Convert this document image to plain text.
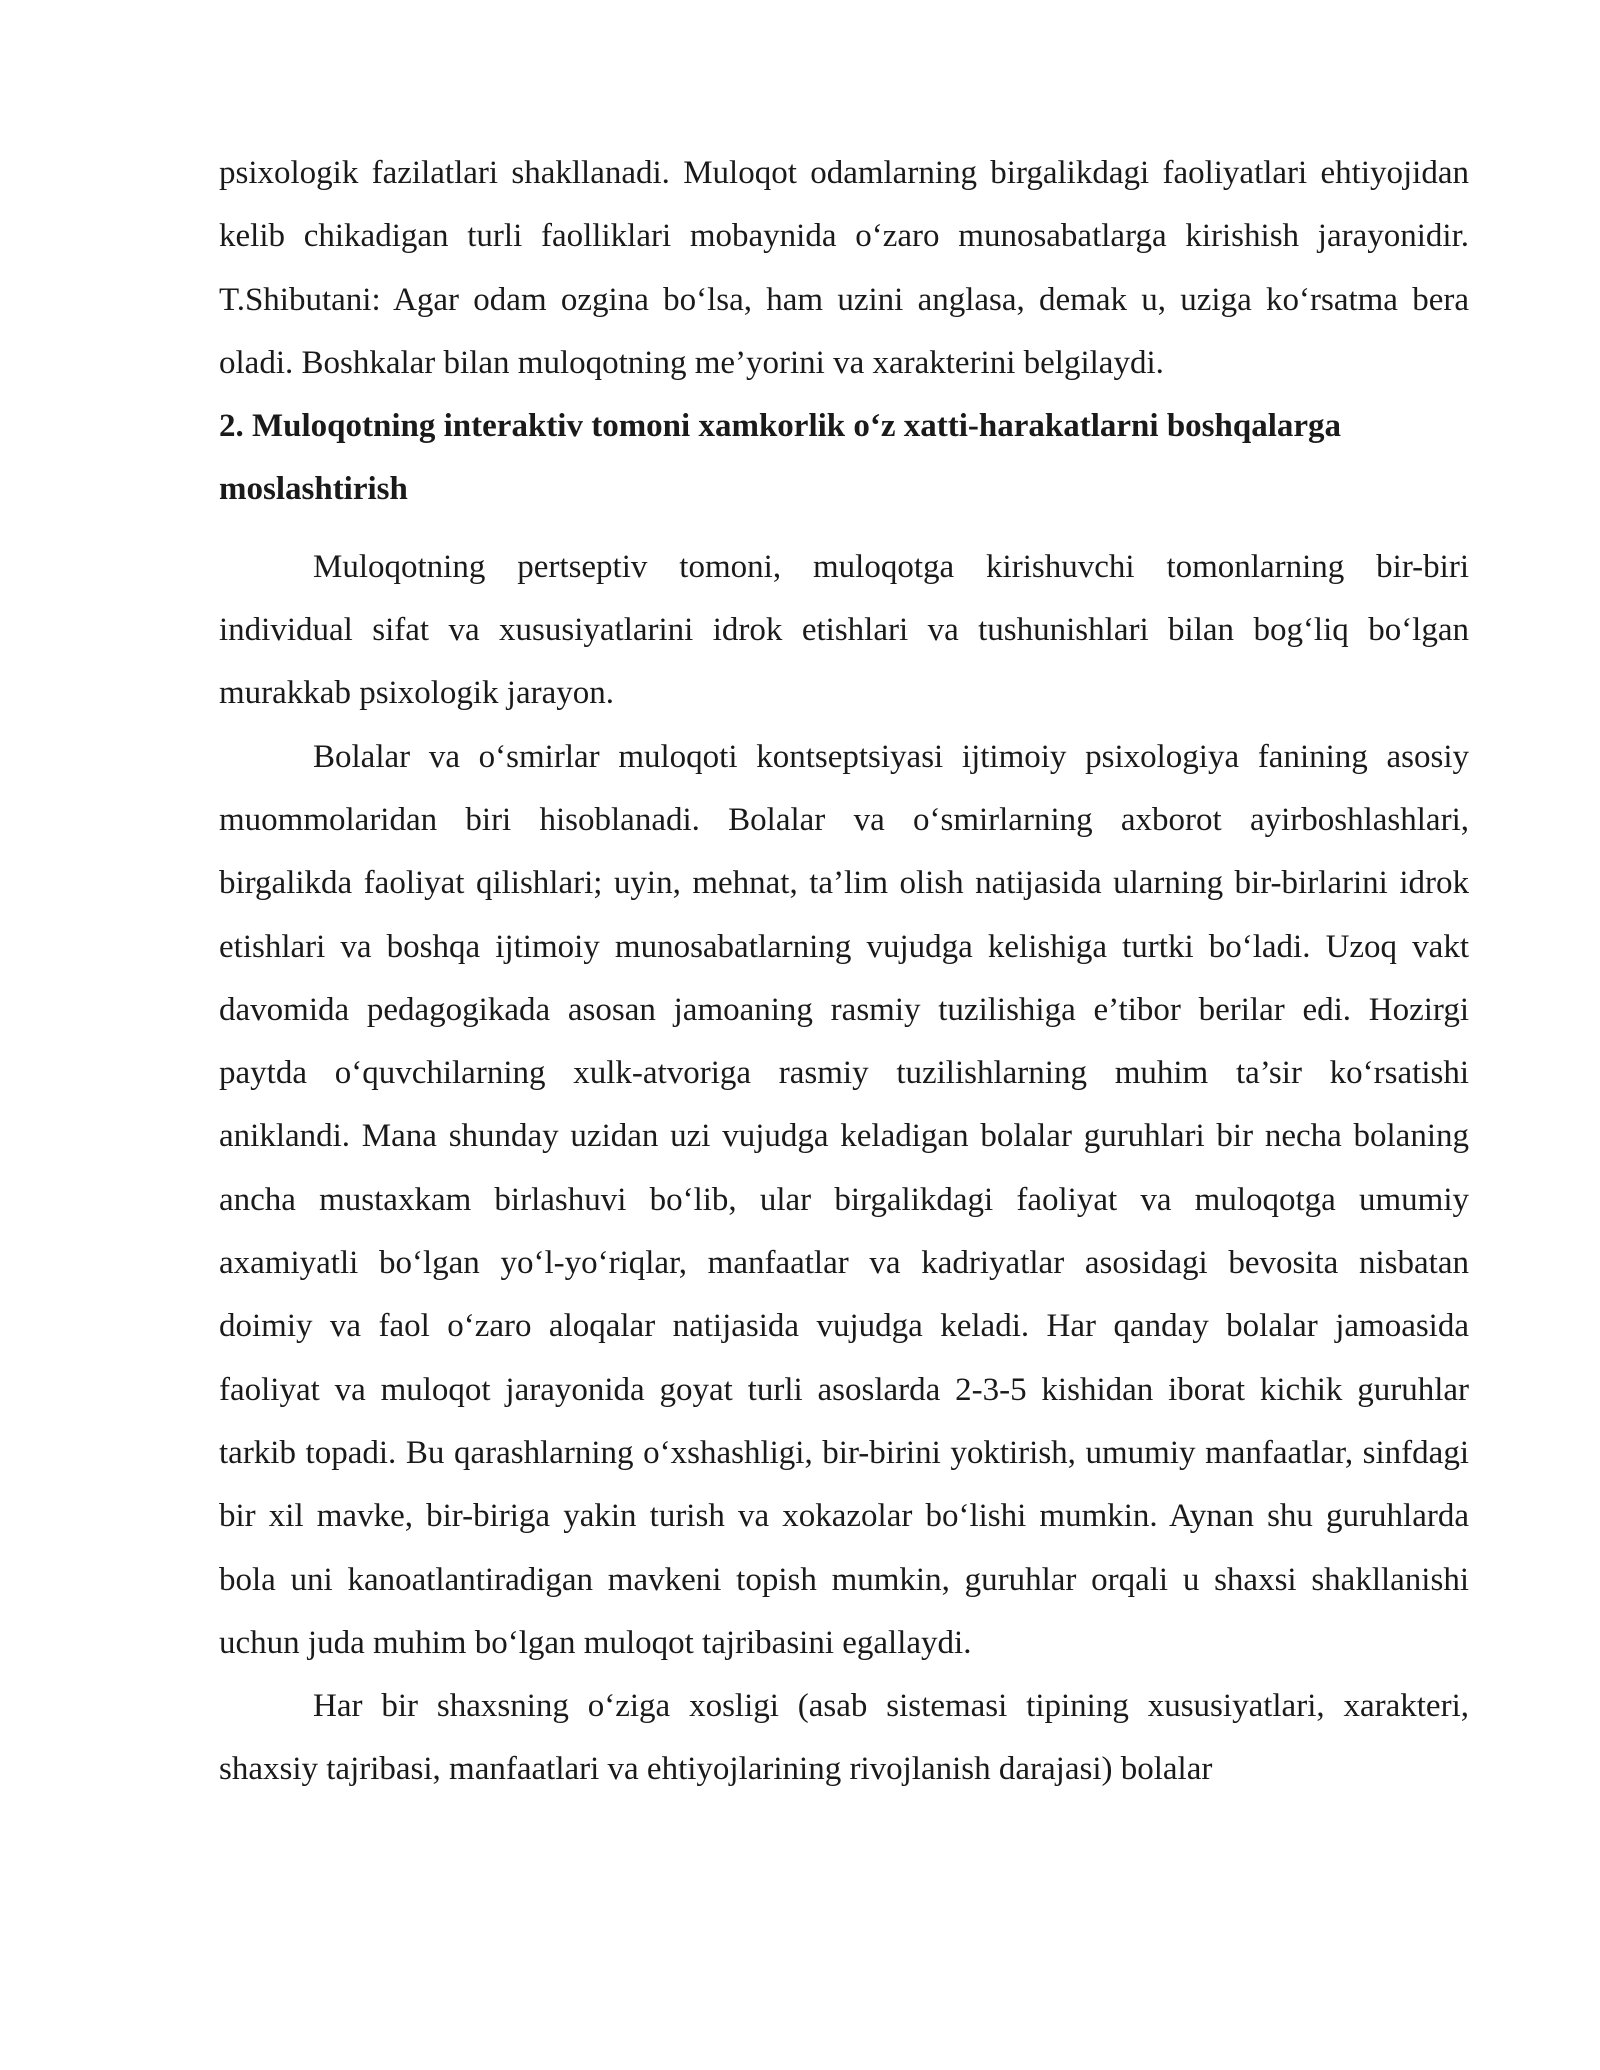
psixologik fazilatlari shakllanadi. Muloqot odamlarning birgalikdagi faoliyatlari ehtiyojidan kelib chikadigan turli faolliklari mobaynida o‘zaro munosabatlarga kirishish jarayonidir. T.Shibutani: Agar odam ozgina bo‘lsa, ham uzini anglasa, demak u, uziga ko‘rsatma bera oladi. Boshkalar bilan muloqotning me’yorini va xarakterini belgilaydi.

2. Muloqotning interaktiv tomoni xamkorlik o‘z xatti-harakatlarni boshqalarga moslashtirish

Muloqotning pertseptiv tomoni, muloqotga kirishuvchi tomonlarning bir-biri individual sifat va xususiyatlarini idrok etishlari va tushunishlari bilan bog‘liq bo‘lgan murakkab psixologik jarayon.

Bolalar va o‘smirlar muloqoti kontseptsiyasi ijtimoiy psixologiya fanining asosiy muommolaridan biri hisoblanadi. Bolalar va o‘smirlarning axborot ayirboshlashlari, birgalikda faoliyat qilishlari; uyin, mehnat, ta’lim olish natijasida ularning bir-birlarini idrok etishlari va boshqa ijtimoiy munosabatlarning vujudga kelishiga turtki bo‘ladi. Uzoq vakt davomida pedagogikada asosan jamoaning rasmiy tuzilishiga e’tibor berilar edi. Hozirgi paytda o‘quvchilarning xulk-atvoriga rasmiy tuzilishlarning muhim ta’sir ko‘rsatishi aniklandi. Mana shunday uzidan uzi vujudga keladigan bolalar guruhlari bir necha bolaning ancha mustaxkam birlashuvi bo‘lib, ular birgalikdagi faoliyat va muloqotga umumiy axamiyatli bo‘lgan yo‘l-yo‘riqlar, manfaatlar va kadriyatlar asosidagi bevosita nisbatan doimiy va faol o‘zaro aloqalar natijasida vujudga keladi. Har qanday bolalar jamoasida faoliyat va muloqot jarayonida goyat turli asoslarda 2-3-5 kishidan iborat kichik guruhlar tarkib topadi. Bu qarashlarning o‘xshashligi, bir-birini yoktirish, umumiy manfaatlar, sinfdagi bir xil mavke, bir-biriga yakin turish va xokazolar bo‘lishi mumkin. Aynan shu guruhlarda bola uni kanoatlantiradigan mavkeni topish mumkin, guruhlar orqali u shaxsi shakllanishi uchun juda muhim bo‘lgan muloqot tajribasini egallaydi.

Har bir shaxsning o‘ziga xosligi (asab sistemasi tipining xususiyatlari, xarakteri, shaxsiy tajribasi, manfaatlari va ehtiyojlarining rivojlanish darajasi) bolalar
